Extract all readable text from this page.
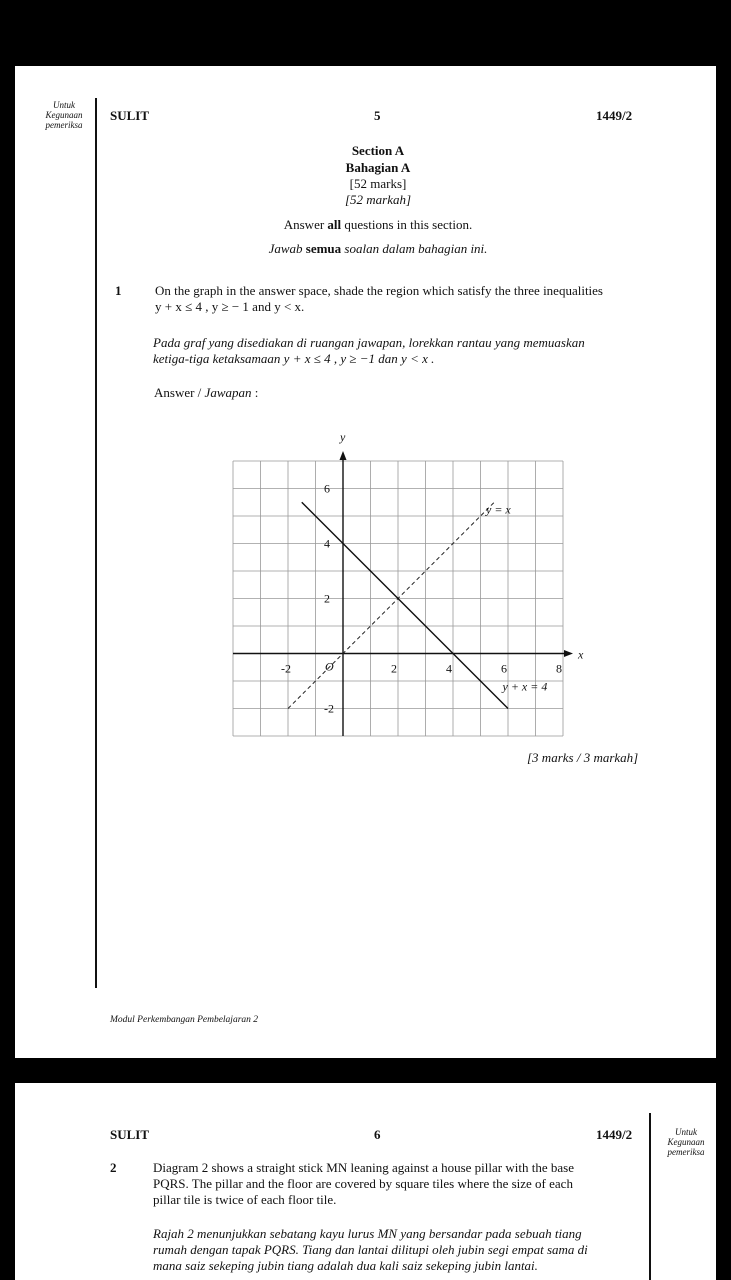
Untuk
Kegunaan
pemeriksa
SULIT	5	1449/2
Section A
Bahagian A
[52 marks]
[52 markah]
Answer all questions in this section.
Jawab semua soalan dalam bahagian ini.
1	On the graph in the answer space, shade the region which satisfy the three inequalities
y + x ≤ 4 , y ≥ − 1 and y < x.
Pada graf yang disediakan di ruangan jawapan, lorekkan rantau yang memuaskan
ketiga-tiga ketaksamaan y + x ≤ 4 , y ≥ −1 dan y < x .
Answer / Jawapan :
y
x
-2	2	4	6	8
6
4
2
-2
O
y = x
y + x = 4
[3 marks / 3 markah]
Modul Perkembangan Pembelajaran 2
SULIT	6	1449/2	Untuk
Kegunaan
pemeriksa
2	Diagram 2 shows a straight stick MN leaning against a house pillar with the base
PQRS. The pillar and the floor are covered by square tiles where the size of each
pillar tile is twice of each floor tile.
Rajah 2 menunjukkan sebatang kayu lurus MN yang bersandar pada sebuah tiang
rumah dengan tapak PQRS. Tiang dan lantai dilitupi oleh jubin segi empat sama di
mana saiz sekeping jubin tiang adalah dua kali saiz sekeping jubin lantai.
